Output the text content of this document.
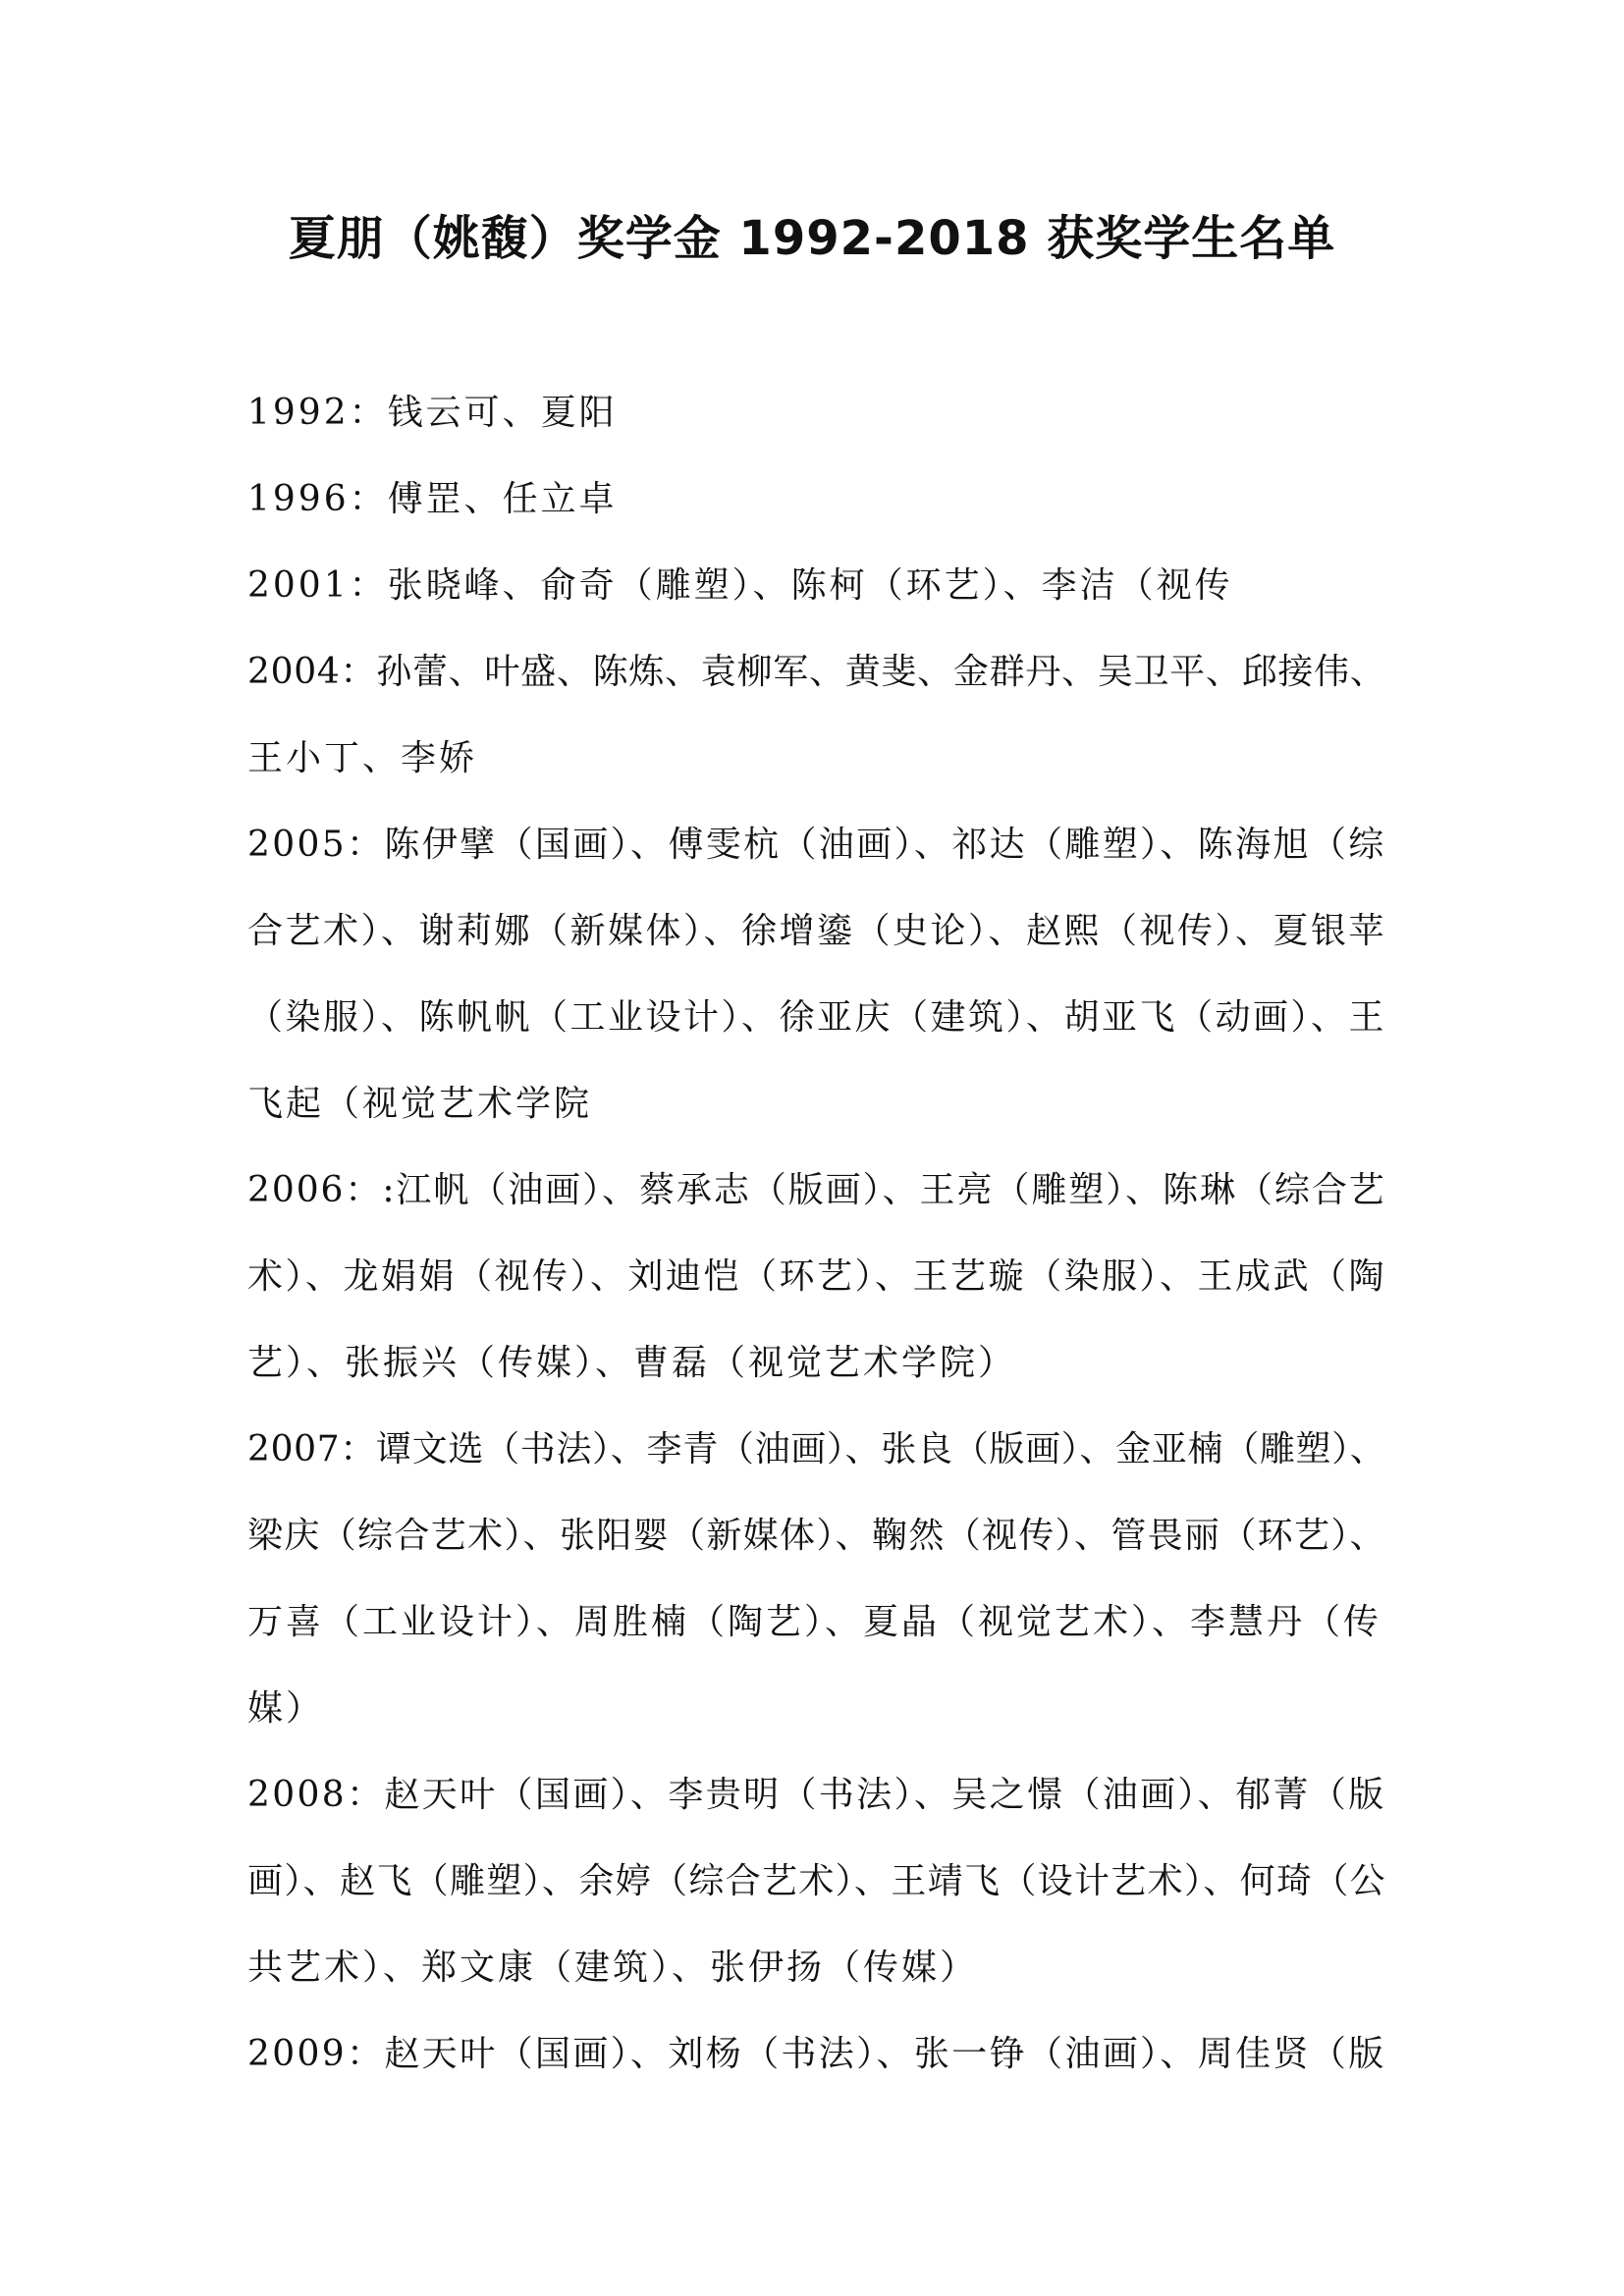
夏朋（姚馥）奖学金 1992-2018 获奖学生名单
1992：钱云可、夏阳
1996：傅罡、任立卓
2001：张晓峰、俞奇（雕塑）、陈柯（环艺）、李洁（视传
2004：孙蕾、叶盛、陈炼、袁柳军、黄斐、金群丹、吴卫平、邱接伟、
王小丁、李娇
2005：陈伊擘（国画）、傅雯杭（油画）、祁达（雕塑）、陈海旭（综
合艺术）、谢莉娜（新媒体）、徐增鎏（史论）、赵熙（视传）、夏银苹
（染服）、陈帆帆（工业设计）、徐亚庆（建筑）、胡亚飞（动画）、王
飞起（视觉艺术学院
2006：:江帆（油画）、蔡承志（版画）、王亮（雕塑）、陈琳（综合艺
术）、龙娟娟（视传）、刘迪恺（环艺）、王艺璇（染服）、王成武（陶
艺）、张振兴（传媒）、曹磊（视觉艺术学院）
2007：谭文选（书法）、李青（油画）、张良（版画）、金亚楠（雕塑）、
梁庆（综合艺术）、张阳婴（新媒体）、鞠然（视传）、管畏丽（环艺）、
万喜（工业设计）、周胜楠（陶艺）、夏晶（视觉艺术）、李慧丹（传
媒）
2008：赵天叶（国画）、李贵明（书法）、吴之憬（油画）、郁菁（版
画）、赵飞（雕塑）、余婷（综合艺术）、王靖飞（设计艺术）、何琦（公
共艺术）、郑文康（建筑）、张伊扬（传媒）
2009：赵天叶（国画）、刘杨（书法）、张一铮（油画）、周佳贤（版
